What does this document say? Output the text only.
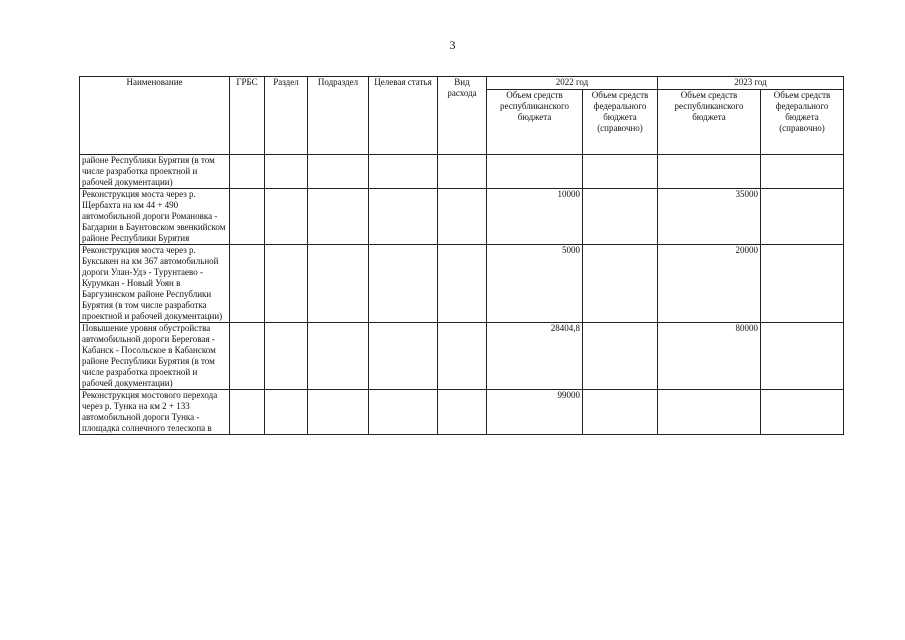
3
Наименование	ГРБС	Раздел	Подраздел	Целевая статья	Вид расхода	2022 год		2023 год	
						Объем средств республиканского бюджета	Объем средств федерального бюджета (справочно)	Объем средств республиканского бюджета	Объем средств федерального бюджета (справочно)
районе Республики Бурятия (в том числе разработка проектной и рабочей документации)									
Реконструкция моста через р. Щербахта на км 44 + 490 автомобильной дороги Романовка - Багдарин в Баунтовском эвенкийском районе Республики Бурятия						10000		35000	
Реконструкция моста через р. Буксыкен на км 367 автомобильной дороги Улан-Удэ - Турунтаево - Курумкан - Новый Уоян в Баргузинском районе Республики Бурятия (в том числе разработка проектной и рабочей документации)						5000		20000	
Повышение уровня обустройства автомобильной дороги Береговая - Кабанск - Посольское в Кабанском районе Республики Бурятия (в том числе разработка проектной и рабочей документации)						28404,8		80000	
Реконструкция мостового перехода через р. Тунка на км 2 + 133 автомобильной дороги Тунка - площадка солнечного телескопа в						99000			
